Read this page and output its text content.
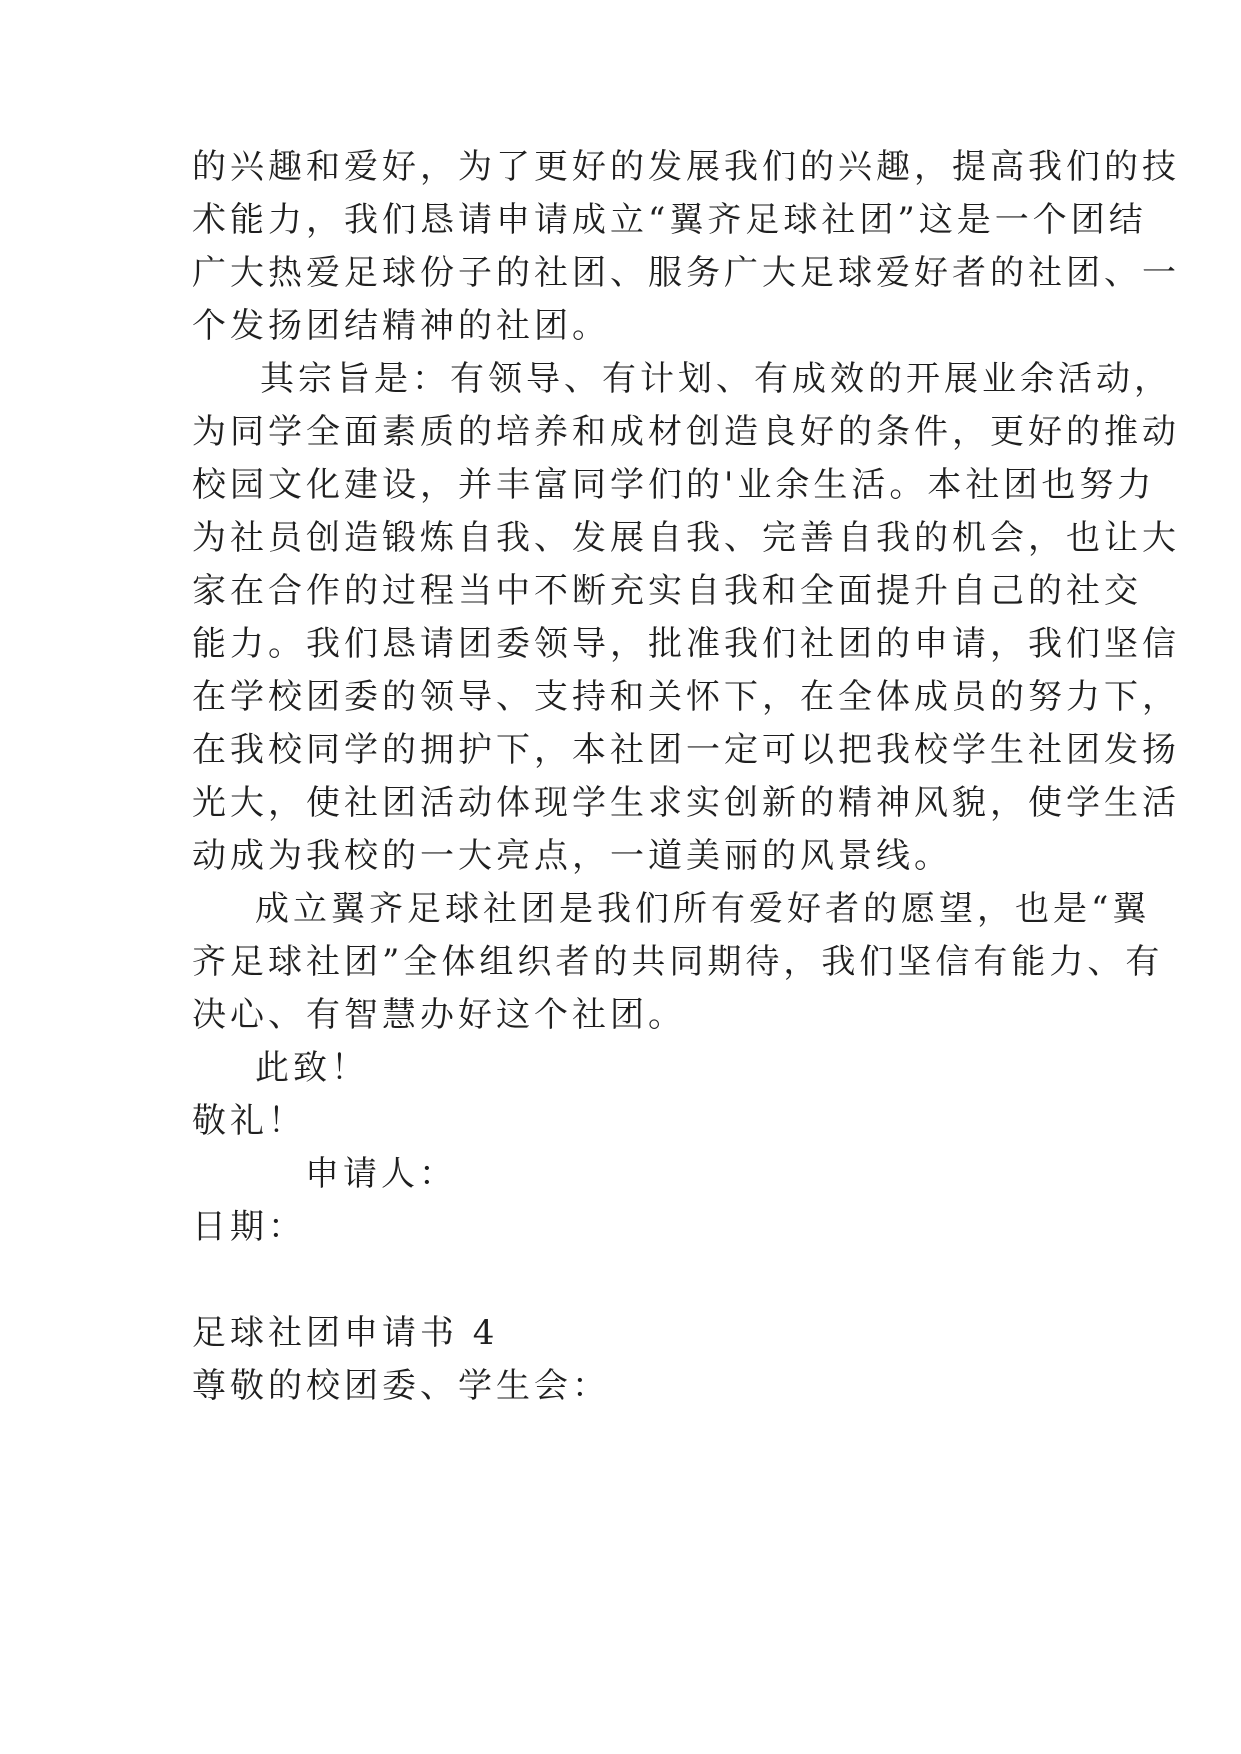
的兴趣和爱好，为了更好的发展我们的兴趣，提高我们的技
术能力，我们恳请申请成立“翼齐足球社团”这是一个团结
广大热爱足球份子的社团、服务广大足球爱好者的社团、一
个发扬团结精神的社团。
其宗旨是：有领导、有计划、有成效的开展业余活动，
为同学全面素质的培养和成材创造良好的条件，更好的推动
校园文化建设，并丰富同学们的'业余生活。本社团也努力
为社员创造锻炼自我、发展自我、完善自我的机会，也让大
家在合作的过程当中不断充实自我和全面提升自己的社交
能力。我们恳请团委领导，批准我们社团的申请，我们坚信
在学校团委的领导、支持和关怀下，在全体成员的努力下，
在我校同学的拥护下，本社团一定可以把我校学生社团发扬
光大，使社团活动体现学生求实创新的精神风貌，使学生活
动成为我校的一大亮点，一道美丽的风景线。
成立翼齐足球社团是我们所有爱好者的愿望，也是“翼
齐足球社团”全体组织者的共同期待，我们坚信有能力、有
决心、有智慧办好这个社团。
此致！
敬礼！
申请人：
日期：
足球社团申请书 4
尊敬的校团委、学生会：
